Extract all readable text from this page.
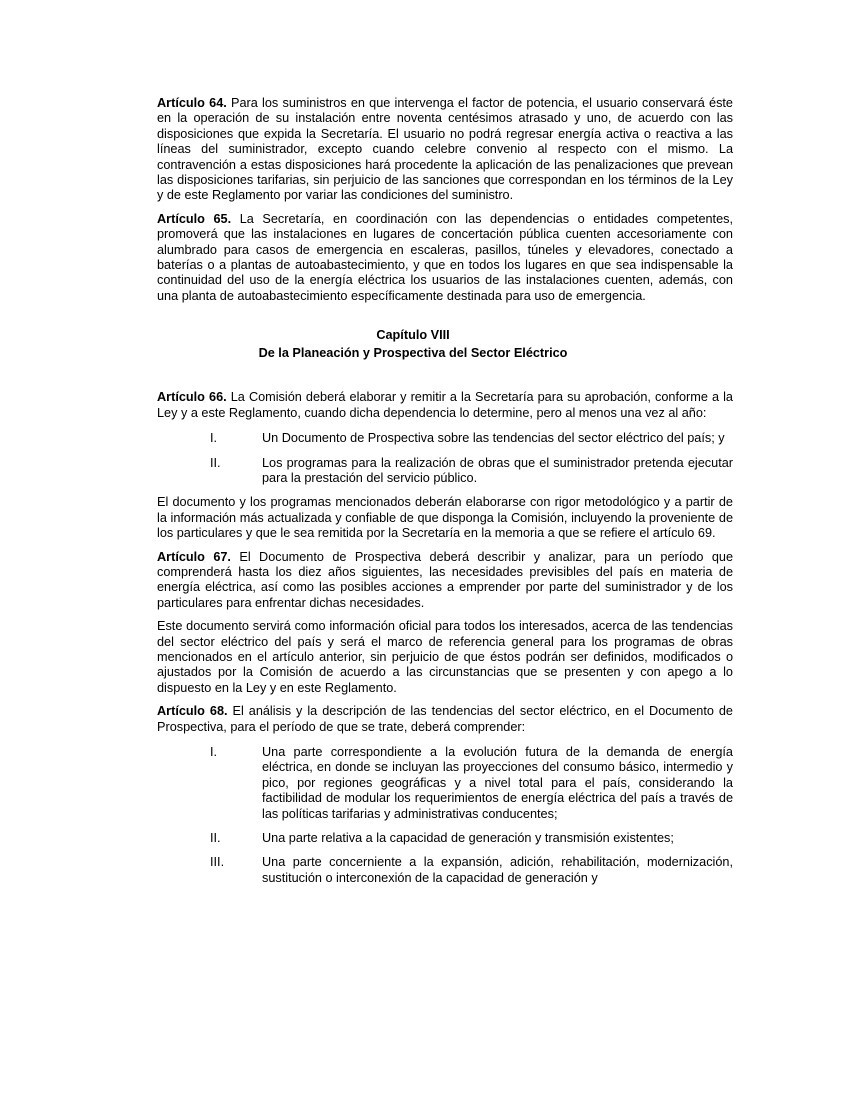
Artículo 64. Para los suministros en que intervenga el factor de potencia, el usuario conservará éste en la operación de su instalación entre noventa centésimos atrasado y uno, de acuerdo con las disposiciones que expida la Secretaría. El usuario no podrá regresar energía activa o reactiva a las líneas del suministrador, excepto cuando celebre convenio al respecto con el mismo. La contravención a estas disposiciones hará procedente la aplicación de las penalizaciones que prevean las disposiciones tarifarias, sin perjuicio de las sanciones que correspondan en los términos de la Ley y de este Reglamento por variar las condiciones del suministro.

Artículo 65. La Secretaría, en coordinación con las dependencias o entidades competentes, promoverá que las instalaciones en lugares de concertación pública cuenten accesoriamente con alumbrado para casos de emergencia en escaleras, pasillos, túneles y elevadores, conectado a baterías o a plantas de autoabastecimiento, y que en todos los lugares en que sea indispensable la continuidad del uso de la energía eléctrica los usuarios de las instalaciones cuenten, además, con una planta de autoabastecimiento específicamente destinada para uso de emergencia.

Capítulo VIII
De la Planeación y Prospectiva del Sector Eléctrico

Artículo 66. La Comisión deberá elaborar y remitir a la Secretaría para su aprobación, conforme a la Ley y a este Reglamento, cuando dicha dependencia lo determine, pero al menos una vez al año:

I.	Un Documento de Prospectiva sobre las tendencias del sector eléctrico del país; y
II.	Los programas para la realización de obras que el suministrador pretenda ejecutar para la prestación del servicio público.

El documento y los programas mencionados deberán elaborarse con rigor metodológico y a partir de la información más actualizada y confiable de que disponga la Comisión, incluyendo la proveniente de los particulares y que le sea remitida por la Secretaría en la memoria a que se refiere el artículo 69.

Artículo 67. El Documento de Prospectiva deberá describir y analizar, para un período que comprenderá hasta los diez años siguientes, las necesidades previsibles del país en materia de energía eléctrica, así como las posibles acciones a emprender por parte del suministrador y de los particulares para enfrentar dichas necesidades.

Este documento servirá como información oficial para todos los interesados, acerca de las tendencias del sector eléctrico del país y será el marco de referencia general para los programas de obras mencionados en el artículo anterior, sin perjuicio de que éstos podrán ser definidos, modificados o ajustados por la Comisión de acuerdo a las circunstancias que se presenten y con apego a lo dispuesto en la Ley y en este Reglamento.

Artículo 68. El análisis y la descripción de las tendencias del sector eléctrico, en el Documento de Prospectiva, para el período de que se trate, deberá comprender:

I.	Una parte correspondiente a la evolución futura de la demanda de energía eléctrica, en donde se incluyan las proyecciones del consumo básico, intermedio y pico, por regiones geográficas y a nivel total para el país, considerando la factibilidad de modular los requerimientos de energía eléctrica del país a través de las políticas tarifarias y administrativas conducentes;
II.	Una parte relativa a la capacidad de generación y transmisión existentes;
III.	Una parte concerniente a la expansión, adición, rehabilitación, modernización, sustitución o interconexión de la capacidad de generación y
